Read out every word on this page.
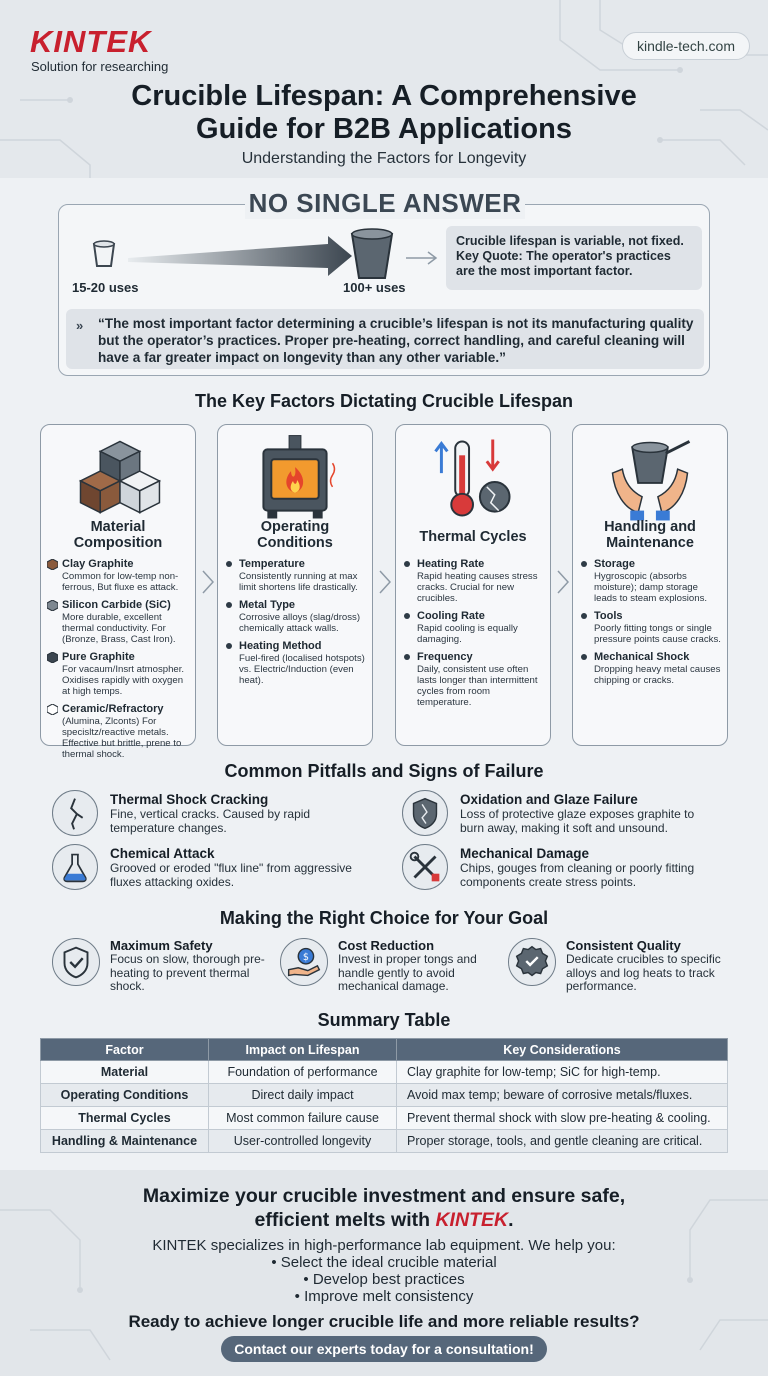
KINTEK
Solution for researching
kindle-tech.com
Crucible Lifespan: A Comprehensive
Guide for B2B Applications
Understanding the Factors for Longevity
NO SINGLE ANSWER
15-20 uses	100+ uses
Crucible lifespan is variable, not fixed.
Key Quote: The operator's practices
are the most important factor.
» “The most important factor determining a crucible’s lifespan is not its manufacturing quality
but the operator’s practices. Proper pre-heating, correct handling, and careful cleaning will
have a far greater impact on longevity than any other variable.”
The Key Factors Dictating Crucible Lifespan
Material
Composition
Clay Graphite
Common for low-temp non-ferrous, But fluxe es attack.
Silicon Carbide (SiC)
More durable, excellent thermal conductivity. For (Bronze, Brass, Cast Iron).
Pure Graphite
For vacaum/Insrt atmospher. Oxidises rapidly with oxygen at high temps.
Ceramic/Refractory
(Alumina, Zlconts) For specisltz/reactive metals. Effective but brittle, prene to thermal shock.
Operating
Conditions
Temperature
Consistently running at max limit shortens life drastically.
Metal Type
Corrosive alloys (slag/dross) chemically attack walls.
Heating Method
Fuel-fired (localised hotspots) vs. Electric/Induction (even heat).
Thermal Cycles
Heating Rate
Rapid heating causes stress cracks. Crucial for new crucibles.
Cooling Rate
Rapid cooling is equally damaging.
Frequency
Daily, consistent use often lasts longer than intermittent cycles from room temperature.
Handling and
Maintenance
Storage
Hygroscopic (absorbs moisture); damp storage leads to steam explosions.
Tools
Poorly fitting tongs or single pressure points cause cracks.
Mechanical Shock
Dropping heavy metal causes chipping or cracks.
Common Pitfalls and Signs of Failure
Thermal Shock Cracking
Fine, vertical cracks. Caused by rapid temperature changes.
Oxidation and Glaze Failure
Loss of protective glaze exposes graphite to burn away, making it soft and unsound.
Chemical Attack
Grooved or eroded "flux line" from aggressive fluxes attacking oxides.
Mechanical Damage
Chips, gouges from cleaning or poorly fitting components create stress points.
Making the Right Choice for Your Goal
Maximum Safety
Focus on slow, thorough pre-heating to prevent thermal shock.
$
Cost Reduction
Invest in proper tongs and handle gently to avoid mechanical damage.
Consistent Quality
Dedicate crucibles to specific alloys and log heats to track performance.
Summary Table
Factor	Impact on Lifespan	Key Considerations
Material	Foundation of performance	Clay graphite for low-temp; SiC for high-temp.
Operating Conditions	Direct daily impact	Avoid max temp; beware of corrosive metals/fluxes.
Thermal Cycles	Most common failure cause	Prevent thermal shock with slow pre-heating & cooling.
Handling & Maintenance	User-controlled longevity	Proper storage, tools, and gentle cleaning are critical.
Maximize your crucible investment and ensure safe,
efficient melts with KINTEK.
KINTEK specializes in high-performance lab equipment. We help you:
• Select the ideal crucible material
• Develop best practices
• Improve melt consistency
Ready to achieve longer crucible life and more reliable results?
Contact our experts today for a consultation!
